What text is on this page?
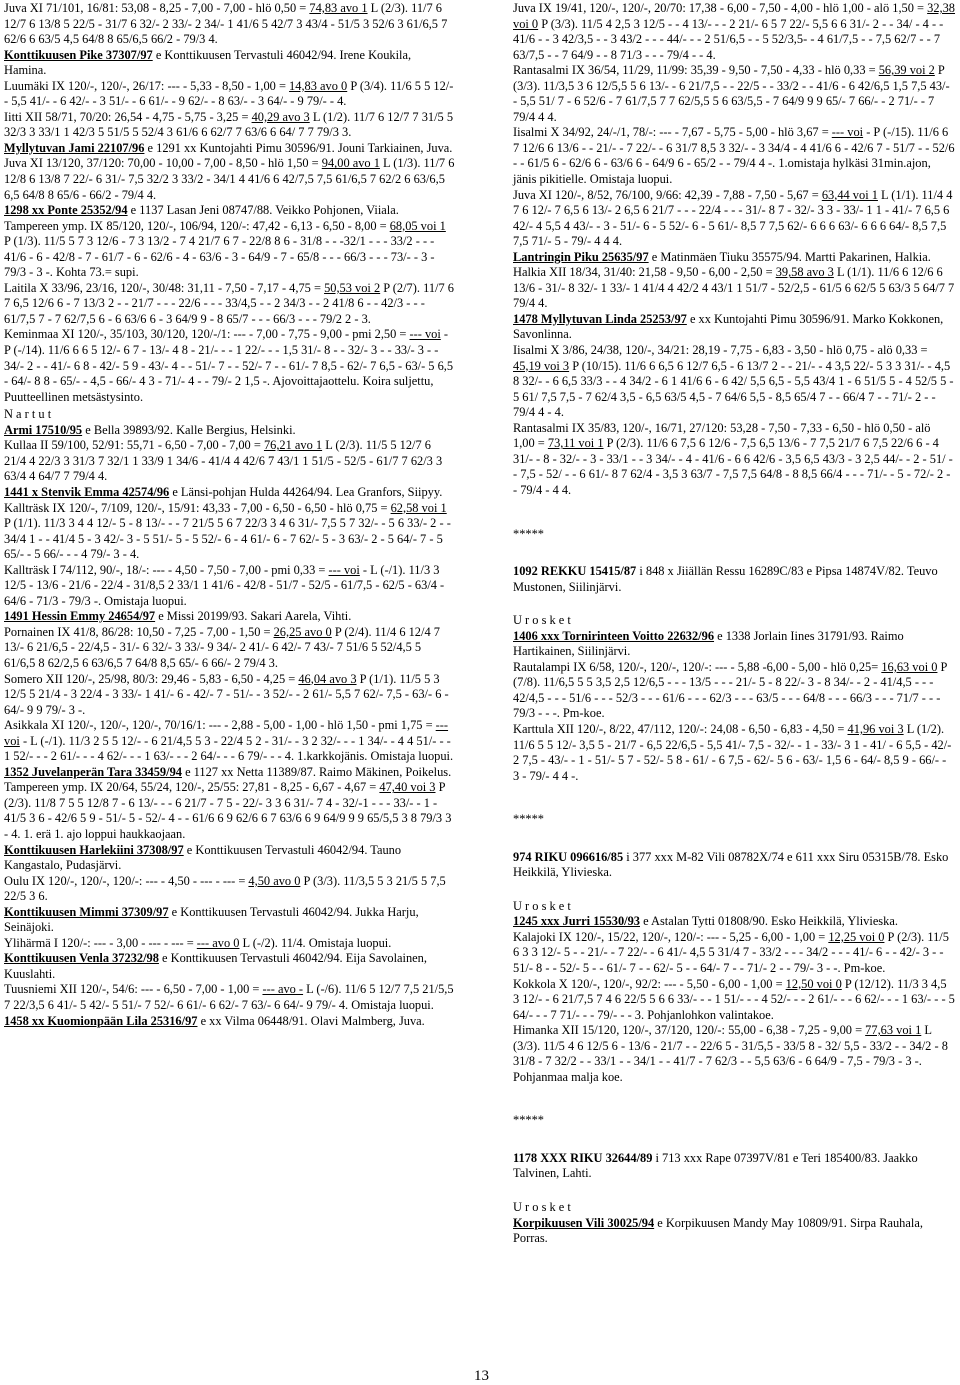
Juva XI 71/101, 16/81: 53,08 - 8,25 - 7,00 - 7,00 - hlö 0,50 = 74,83 avo 1 L (2/3). 11/7 6 12/7 6 13/8 5 22/5 - 31/7 6 32/- 2 33/- 2 34/- 1 41/6 5 42/7 3 43/4 - 51/5 3 52/6 3 61/6,5 7 62/6 6 63/5 4,5 64/8 8 65/6,5 66/2 - 79/3 4.

Konttikuusen Pike 37307/97 e Konttikuusen Tervastuli 46042/94. Irene Koukila, Hamina.

Luumäki IX 120/-, 120/-, 26/17: --- - 5,33 - 8,50 - 1,00 = 14,83 avo 0 P (3/4). 11/6 5 5 12/- - 5,5 41/- - 6 42/- - 3 51/- - 6 61/- - 9 62/- - 8 63/- - 3 64/- - 9 79/- - 4.

Iitti XII 58/71, 70/20: 26,54 - 4,75 - 5,75 - 3,25 = 40,29 avo 3 L (1/2). 11/7 6 12/7 7 31/5 5 32/3 3 33/1 1 42/3 5 51/5 5 52/4 3 61/6 6 62/7 7 63/6 6 64/ 7 7 79/3 3.

Myllytuvan Jami 22107/96 e 1291 xx Kuntojahti Pimu 30596/91. Jouni Tarkiainen, Juva.

Juva XI 13/120, 37/120: 70,00 - 10,00 - 7,00 - 8,50 - hlö 1,50 = 94,00 avo 1 L (1/3). 11/7 6 12/8 6 13/8 7 22/- 6 31/- 7,5 32/2 3 33/2 - 34/1 4 41/6 6 42/7,5 7,5 61/6,5 7 62/2 6 63/6,5 6,5 64/8 8 65/6 - 66/2 - 79/4 4.

1298 xx Ponte 25352/94 e 1137 Lasan Jeni 08747/88. Veikko Pohjonen, Viiala.

Tampereen ymp. IX 85/120, 120/-, 106/94, 120/-: 47,42 - 6,13 - 6,50 - 8,00 = 68,05 voi 1 P (1/3). 11/5 5 7 3 12/6 - 7 3 13/2 - 7 4 21/7 6 7 - 22/8 8 6 - 31/8 - - -32/1 - - - 33/2 - - - 41/6 - 6 - 42/8 - 7 - 61/7 - 6 - 62/6 - 4 - 63/6 - 3 - 64/9 - 7 - 65/8 - - - 66/3 - - - 73/- - 3 - 79/3 - 3 -. Kohta 73.= supi.

Laitila X 33/96, 23/16, 120/-, 30/48: 31,11 - 7,50 - 7,17 - 4,75 = 50,53 voi 2 P (2/7). 11/7 6 7 6,5 12/6 6 - 7 13/3 2 - - 21/7 - - - 22/6 - - - 33/4,5 - - 2 34/3 - - 2 41/8 6 - - 42/3 - - - 61/7,5 7 - 7 62/7,5 6 - 6 63/6 6 - 3 64/9 9 - 8 65/7 - - - 66/3 - - - 79/2 2 - 3.

Keminmaa XI 120/-, 35/103, 30/120, 120/-/1: --- - 7,00 - 7,75 - 9,00 - pmi 2,50 = --- voi - P (-/14). 11/6 6 6 5 12/- 6 7 - 13/- 4 8 - 21/- - - 1 22/- - - 1,5 31/- 8 - - 32/- 3 - - 33/- 3 - - 34/- 2 - - 41/- 6 8 - 42/- 5 9 - 43/- 4 - - 51/- 7 - - 52/- 7 - - 61/- 7 8,5 - 62/- 7 6,5 - 63/- 5 6,5 - 64/- 8 8 - 65/- - 4,5 - 66/- 4 3 - 71/- 4 - - 79/- 2 1,5 -. Ajovoittajaottelu. Koira suljettu, Puutteellinen metsästysinto.

N a r t u t

Armi 17510/95 e Bella 39893/92. Kalle Bergius, Helsinki.

Kullaa II 59/100, 52/91: 55,71 - 6,50 - 7,00 - 7,00 = 76,21 avo 1 L (2/3). 11/5 5 12/7 6 21/4 4 22/3 3 31/3 7 32/1 1 33/9 1 34/6 - 41/4 4 42/6 7 43/1 1 51/5 - 52/5 - 61/7 7 62/3 3 63/4 4 64/7 7 79/4 4.

1441 x Stenvik Emma 42574/96 e Länsi-pohjan Hulda 44264/94. Lea Granfors, Siipyy.

Kallträsk IX 120/-, 7/109, 120/-, 15/91: 43,33 - 7,00 - 6,50 - 6,50 - hlö 0,75 = 62,58 voi 1 P (1/1). 11/3 3 4 4 12/- 5 - 8 13/- - - 7 21/5 5 6 7 22/3 3 4 6 31/- 7,5 5 7 32/- - 5 6 33/- 2 - - 34/4 1 - - 41/4 5 - 3 42/- 3 - 5 51/- 5 - 5 52/- 6 - 4 61/- 6 - 7 62/- 5 - 3 63/- 2 - 5 64/- 7 - 5 65/- - 5 66/- - - 4 79/- 3 - 4.

Kallträsk I 74/112, 90/-, 18/-: --- - 4,50 - 7,50 - 7,00 - pmi 0,33 = --- voi - L (-/1). 11/3 3 12/5 - 13/6 - 21/6 - 22/4 - 31/8,5 2 33/1 1 41/6 - 42/8 - 51/7 - 52/5 - 61/7,5 - 62/5 - 63/4 - 64/6 - 71/3 - 79/3 -. Omistaja luopui.

1491 Hessin Emmy 24654/97 e Missi 20199/93. Sakari Aarela, Vihti.

Pornainen IX 41/8, 86/28: 10,50 - 7,25 - 7,00 - 1,50 = 26,25 avo 0 P (2/4). 11/4 6 12/4 7 13/- 6 21/6,5 - 22/4,5 - 31/- 6 32/- 3 33/- 9 34/- 2 41/- 6 42/- 7 43/- 7 51/6 5 52/4,5 5 61/6,5 8 62/2,5 6 63/6,5 7 64/8 8,5 65/- 6 66/- 2 79/4 3.

Somero XII 120/-, 25/98, 80/3: 29,46 - 5,83 - 6,50 - 4,25 = 46,04 avo 3 P (1/1). 11/5 5 3 12/5 5 21/4 - 3 22/4 - 3 33/- 1 41/- 6 - 42/- 7 - 51/- - 3 52/- - 2 61/- 5,5 7 62/- 7,5 - 63/- 6 - 64/- 9 9 79/- 3 -.

Asikkala XI 120/-, 120/-, 120/-, 70/16/1: --- - 2,88 - 5,00 - 1,00 - hlö 1,50 - pmi 1,75 = --- voi - L (-/1). 11/3 2 5 5 12/- - 6 21/4,5 5 3 - 22/4 5 2 - 31/- - 3 2 32/- - - 1 34/- - 4 4 51/- - - 1 52/- - - 2 61/- - - 4 62/- - - 1 63/- - - 2 64/- - - 6 79/- - - 4. 1.karkkojänis. Omistaja luopui.

1352 Juvelanperän Tara 33459/94 e 1127 xx Netta 11389/87. Raimo Mäkinen, Poikelus.

Tampereen ymp. IX 20/64, 55/24, 120/-, 25/55: 27,81 - 8,25 - 6,67 - 4,67 = 47,40 voi 3 P (2/3). 11/8 7 5 5 12/8 7 - 6 13/- - - 6 21/7 - 7 5 - 22/- 3 3 6 31/- 7 4 - 32/-1 - - - 33/- - 1 - 41/5 3 6 - 42/6 5 9 - 51/- 5 - 52/- 4 - - 61/6 6 9 62/6 6 7 63/6 6 9 64/9 9 9 65/5,5 3 8 79/3 3 - 4. 1. erä 1. ajo loppui haukkaojaan.

Konttikuusen Harlekiini 37308/97 e Konttikuusen Tervastuli 46042/94. Tauno Kangastalo, Pudasjärvi.

Oulu IX 120/-, 120/-, 120/-: --- - 4,50 - --- - --- = 4,50 avo 0 P (3/3). 11/3,5 5 3 21/5 5 7,5 22/5 3 6.

Konttikuusen Mimmi 37309/97 e Konttikuusen Tervastuli 46042/94. Jukka Harju, Seinäjoki.

Ylihärmä I 120/-: --- - 3,00 - --- - --- = --- avo 0 L (-/2). 11/4. Omistaja luopui.

Konttikuusen Venla 37232/98 e Konttikuusen Tervastuli 46042/94. Eija Savolainen, Kuuslahti.

Tuusniemi XII 120/-, 54/6: --- - 6,50 - 7,00 - 1,00 = --- avo - L (-/6). 11/6 5 12/7 7,5 21/5,5 7 22/3,5 6 41/- 5 42/- 5 51/- 7 52/- 6 61/- 6 62/- 7 63/- 6 64/- 9 79/- 4. Omistaja luopui.

1458 xx Kuomionpään Lila 25316/97 e xx Vilma 06448/91. Olavi Malmberg, Juva.

Juva IX 19/41, 120/-, 120/-, 20/70: 17,38 - 6,00 - 7,50 - 4,00 - hlö 1,00 - alö 1,50 = 32,38 voi 0 P (3/3). 11/5 4 2,5 3 12/5 - - 4 13/- - - 2 21/- 6 5 7 22/- 5,5 6 6 31/- 2 - - 34/ - 4 - - 41/6 - - 3 42/3,5 - - 3 43/2 - - - 44/- - - 2 51/6,5 - - 5 52/3,5- - 4 61/7,5 - - 7,5 62/7 - - 7 63/7,5 - - 7 64/9 - - 8 71/3 - - - 79/4 - - 4.

Rantasalmi IX 36/54, 11/29, 11/99: 35,39 - 9,50 - 7,50 - 4,33 - hlö 0,33 = 56,39 voi 2 P (3/3). 11/3,5 3 6 12/5,5 5 6 13/- - 6 21/7,5 - - 22/5 - - 33/2 - - 41/6 - 6 42/6,5 1,5 7,5 43/- - 5,5 51/ 7 - 6 52/6 - 7 61/7,5 7 7 62/5,5 5 6 63/5,5 - 7 64/9 9 9 65/- 7 66/- - 2 71/- - 7 79/4 4 4.

Iisalmi X 34/92, 24/-/1, 78/-: --- - 7,67 - 5,75 - 5,00 - hlö 3,67 = --- voi - P (-/15). 11/6 6 7 12/6 6 13/6 - - 21/- - 7 22/- - 6 31/7 8,5 3 32/- - 3 34/4 - 4 41/6 6 - 42/6 7 - 51/7 - - 52/6 - - 61/5 6 - 62/6 6 - 63/6 6 - 64/9 6 - 65/2 - - 79/4 4 -. 1.omistaja hylkäsi 31min.ajon, jänis pikitielle. Omistaja luopui.

Juva XI 120/-, 8/52, 76/100, 9/66: 42,39 - 7,88 - 7,50 - 5,67 = 63,44 voi 1 L (1/1). 11/4 4 7 6 12/- 7 6,5 6 13/- 2 6,5 6 21/7 - - - 22/4 - - - 31/- 8 7 - 32/- 3 3 - 33/- 1 1 - 41/- 7 6,5 6 42/- 4 5,5 4 43/- - 3 - 51/- 6 - 5 52/- 6 - 5 61/- 8,5 7 7,5 62/- 6 6 6 63/- 6 6 6 64/- 8,5 7,5 7,5 71/- 5 - 79/- 4 4 4.

Lantringin Piku 25635/97 e Matinmäen Tiuku 35575/94. Martti Pakarinen, Halkia.

Halkia XII 18/34, 31/40: 21,58 - 9,50 - 6,00 - 2,50 = 39,58 avo 3 L (1/1). 11/6 6 12/6 6 13/6 - 31/- 8 32/- 1 33/- 1 41/4 4 42/2 4 43/1 1 51/7 - 52/2,5 - 61/5 6 62/5 5 63/3 5 64/7 7 79/4 4.

1478 Myllytuvan Linda 25253/97 e xx Kuntojahti Pimu 30596/91. Marko Kokkonen, Savonlinna.

Iisalmi X 3/86, 24/38, 120/-, 34/21: 28,19 - 7,75 - 6,83 - 3,50 - hlö 0,75 - alö 0,33 = 45,19 voi 3 P (10/15). 11/6 6 6,5 6 12/7 6,5 - 6 13/7 2 - - 21/- - 4 3,5 22/- 5 3 3 31/- - 4,5 8 32/- - 6 6,5 33/3 - - 4 34/2 - 6 1 41/6 6 - 6 42/ 5,5 6,5 - 5,5 43/4 1 - 6 51/5 5 - 4 52/5 5 - 5 61/ 7,5 7,5 - 7 62/4 3,5 - 6,5 63/5 4,5 - 7 64/6 5,5 - 8,5 65/4 7 - - 66/4 7 - - 71/- 2 - - 79/4 4 - 4.

Rantasalmi IX 35/83, 120/-, 16/71, 27/120: 53,28 - 7,50 - 7,33 - 6,50 - hlö 0,50 - alö 1,00 = 73,11 voi 1 P (2/3). 11/6 6 7,5 6 12/6 - 7,5 6,5 13/6 - 7 7,5 21/7 6 7,5 22/6 6 - 4 31/- - 8 - 32/- - 3 - 33/1 - - 3 34/- - 4 - 41/6 - 6 6 42/6 - 3,5 6,5 43/3 - 3 2,5 44/- - 2 - 51/ - - 7,5 - 52/ - - 6 61/- 8 7 62/4 - 3,5 3 63/7 - 7,5 7,5 64/8 - 8 8,5 66/4 - - - 71/- - 5 - 72/- 2 - - 79/4 - 4 4.

*****

1092 REKKU 15415/87 i 848 x Jiiällän Ressu 16289C/83 e Pipsa 14874V/82. Teuvo Mustonen, Siilinjärvi.

U r o s k e t

1406 xxx Tornirinteen Voitto 22632/96 e 1338 Jorlain Iines 31791/93. Raimo Hartikainen, Siilinjärvi.

Rautalampi IX 6/58, 120/-, 120/-, 120/-: --- - 5,88 -6,00 - 5,00 - hlö 0,25= 16,63 voi 0 P (7/8). 11/6,5 5 5 3,5 2,5 12/6,5 - - - 13/5 - - - 21/- 5 - 8 22/- 3 - 8 34/- - 2 - 41/4,5 - - - 42/4,5 - - - 51/6 - - - 52/3 - - - 61/6 - - - 62/3 - - - 63/5 - - - 64/8 - - - 66/3 - - - 71/7 - - - 79/3 - - -. Pm-koe.

Karttula XII 120/-, 8/22, 47/112, 120/-: 24,08 - 6,50 - 6,83 - 4,50 = 41,96 voi 3 L (1/2). 11/6 5 5 12/- 3,5 5 - 21/7 - 6,5 22/6,5 - 5,5 41/- 7,5 - 32/- - 1 - 33/- 3 1 - 41/ - 6 5,5 - 42/- 2 7,5 - 43/- - 1 - 51/- 5 7 - 52/- 5 8 - 61/ - 6 7,5 - 62/- 5 6 - 63/- 1,5 6 - 64/- 8,5 9 - 66/- - 3 - 79/- 4 4 -.

*****

974 RIKU 096616/85 i 377 xxx M-82 Vili 08782X/74 e 611 xxx Siru 05315B/78. Esko Heikkilä, Ylivieska.

U r o s k e t

1245 xxx Jurri 15530/93 e Astalan Tytti 01808/90. Esko Heikkilä, Ylivieska.

Kalajoki IX 120/-, 15/22, 120/-, 120/-: --- - 5,25 - 6,00 - 1,00 = 12,25 voi 0 P (2/3). 11/5 6 3 3 12/- 5 - - 21/- - 7 22/- - 6 41/- 4,5 5 31/4 7 - 33/2 - - - 34/2 - - - 41/- 6 - - 42/- 3 - - 51/- 8 - - 52/- 5 - - 61/- 7 - - 62/- 5 - - 64/- 7 - - 71/- 2 - - 79/- 3 - -. Pm-koe.

Kokkola X 120/-, 120/-, 92/2: --- - 5,50 - 6,00 - 1,00 = 12,50 voi 0 P (12/12). 11/3 3 4,5 3 12/- - 6 21/7,5 7 4 6 22/5 5 6 6 33/- - - 1 51/- - - 4 52/- - - 2 61/- - - 6 62/- - - 1 63/- - - 5 64/- - - 7 71/- - - 79/- - - 3. Pohjanlohkon valintakoe.

Himanka XII 15/120, 120/-, 37/120, 120/-: 55,00 - 6,38 - 7,25 - 9,00 = 77,63 voi 1 L (3/3). 11/5 4 6 12/5 6 - 13/6 - 21/7 - - 22/6 5 - 31/5,5 - 33/5 8 - 32/ 5,5 - 33/2 - - 34/2 - 8 31/8 - 7 32/2 - - 33/1 - - 34/1 - - 41/7 - 7 62/3 - - 5,5 63/6 - 6 64/9 - 7,5 - 79/3 - 3 -. Pohjanmaa malja koe.

*****

1178 XXX RIKU 32644/89 i 713 xxx Rape 07397V/81 e Teri 185400/83. Jaakko Talvinen, Lahti.

U r o s k e t

Korpikuusen Vili 30025/94 e Korpikuusen Mandy May 10809/91. Sirpa Rauhala, Porras.

13
